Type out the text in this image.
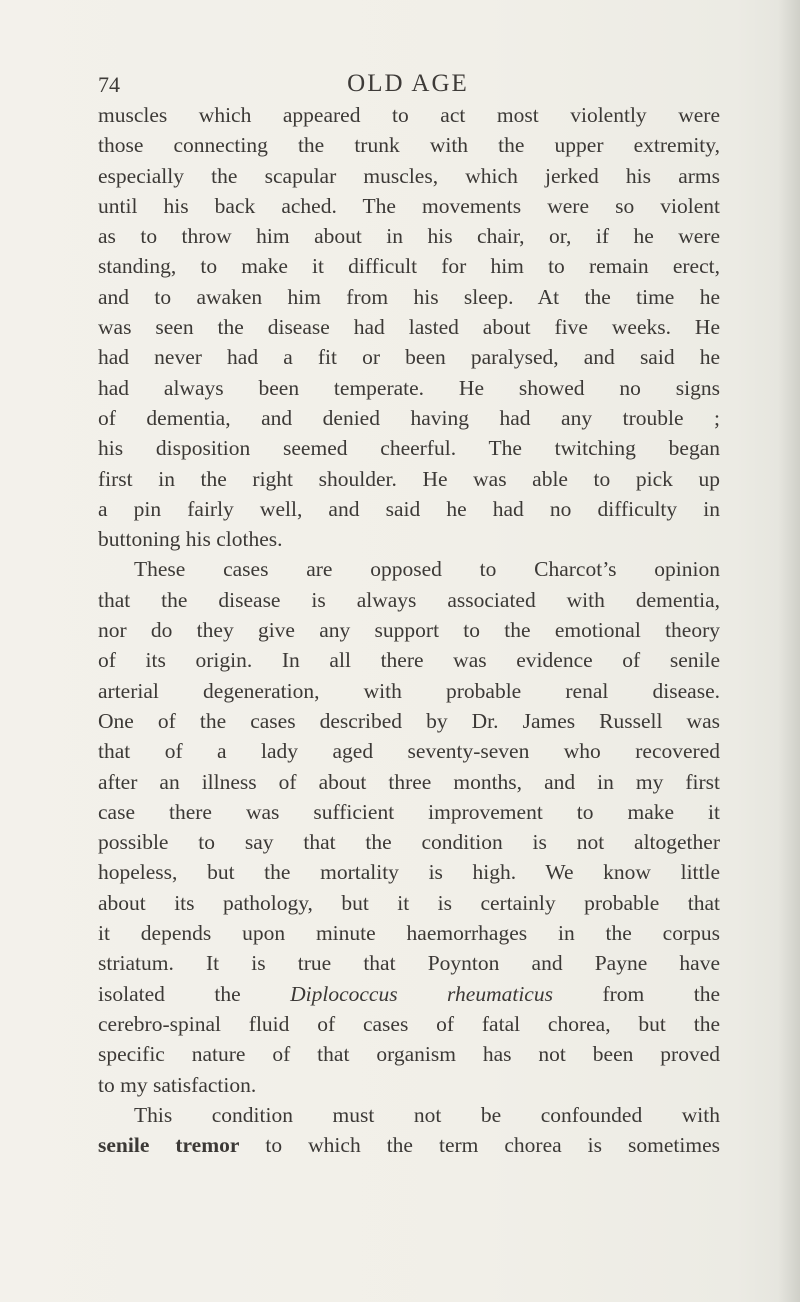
74	OLD AGE

muscles which appeared to act most violently were
those connecting the trunk with the upper extremity,
especially the scapular muscles, which jerked his arms
until his back ached. The movements were so violent
as to throw him about in his chair, or, if he were
standing, to make it difficult for him to remain erect,
and to awaken him from his sleep. At the time he
was seen the disease had lasted about five weeks. He
had never had a fit or been paralysed, and said he
had always been temperate. He showed no signs
of dementia, and denied having had any trouble ;
his disposition seemed cheerful. The twitching began
first in the right shoulder. He was able to pick up
a pin fairly well, and said he had no difficulty in
buttoning his clothes.

These cases are opposed to Charcot’s opinion
that the disease is always associated with dementia,
nor do they give any support to the emotional theory
of its origin. In all there was evidence of senile
arterial degeneration, with probable renal disease.
One of the cases described by Dr. James Russell was
that of a lady aged seventy-seven who recovered
after an illness of about three months, and in my first
case there was sufficient improvement to make it
possible to say that the condition is not altogether
hopeless, but the mortality is high. We know little
about its pathology, but it is certainly probable that
it depends upon minute haemorrhages in the corpus
striatum. It is true that Poynton and Payne have
isolated the Diplococcus rheumaticus from the
cerebro-spinal fluid of cases of fatal chorea, but the
specific nature of that organism has not been proved
to my satisfaction.

This condition must not be confounded with
senile tremor to which the term chorea is sometimes
